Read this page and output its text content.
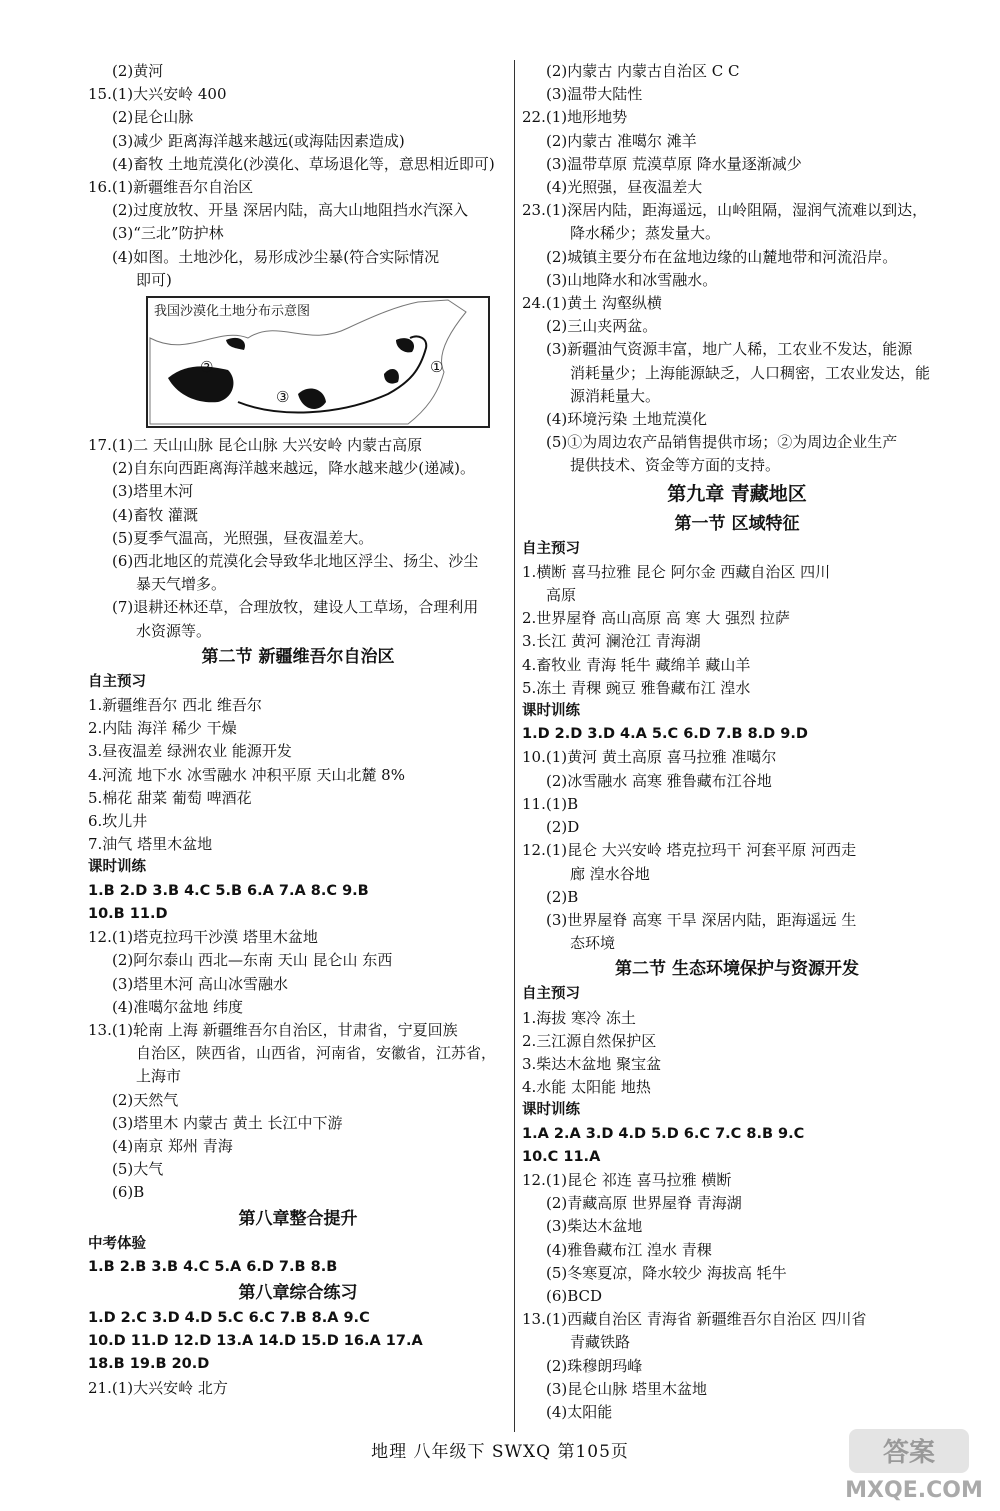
(2)黄河
15.(1)大兴安岭 400
(2)昆仑山脉
(3)减少 距离海洋越来越远(或海陆因素造成)
(4)畜牧 土地荒漠化(沙漠化、草场退化等，意思相近即可)
16.(1)新疆维吾尔自治区
(2)过度放牧、开垦 深居内陆，高大山地阻挡水汽深入
(3)“三北”防护林
(4)如图。土地沙化，易形成沙尘暴(符合实际情况
即可)
我国沙漠化土地分布示意图
①
②
③
17.(1)二 天山山脉 昆仑山脉 大兴安岭 内蒙古高原
(2)自东向西距离海洋越来越远，降水越来越少(递减)。
(3)塔里木河
(4)畜牧 灌溉
(5)夏季气温高，光照强，昼夜温差大。
(6)西北地区的荒漠化会导致华北地区浮尘、扬尘、沙尘
暴天气增多。
(7)退耕还林还草，合理放牧，建设人工草场，合理利用
水资源等。
第二节 新疆维吾尔自治区
自主预习
1.新疆维吾尔 西北 维吾尔
2.内陆 海洋 稀少 干燥
3.昼夜温差 绿洲农业 能源开发
4.河流 地下水 冰雪融水 冲积平原 天山北麓 8%
5.棉花 甜菜 葡萄 啤酒花
6.坎儿井
7.油气 塔里木盆地
课时训练
1.B 2.D 3.B 4.C 5.B 6.A 7.A 8.C 9.B
10.B 11.D
12.(1)塔克拉玛干沙漠 塔里木盆地
(2)阿尔泰山 西北—东南 天山 昆仑山 东西
(3)塔里木河 高山冰雪融水
(4)准噶尔盆地 纬度
13.(1)轮南 上海 新疆维吾尔自治区，甘肃省，宁夏回族
自治区，陕西省，山西省，河南省，安徽省，江苏省，
上海市
(2)天然气
(3)塔里木 内蒙古 黄土 长江中下游
(4)南京 郑州 青海
(5)大气
(6)B
第八章整合提升
中考体验
1.B 2.B 3.B 4.C 5.A 6.D 7.B 8.B
第八章综合练习
1.D 2.C 3.D 4.D 5.C 6.C 7.B 8.A 9.C
10.D 11.D 12.D 13.A 14.D 15.D 16.A 17.A
18.B 19.B 20.D
21.(1)大兴安岭 北方
(2)内蒙古 内蒙古自治区 C C
(3)温带大陆性
22.(1)地形地势
(2)内蒙古 准噶尔 滩羊
(3)温带草原 荒漠草原 降水量逐渐减少
(4)光照强，昼夜温差大
23.(1)深居内陆，距海遥远，山岭阻隔，湿润气流难以到达，
降水稀少；蒸发量大。
(2)城镇主要分布在盆地边缘的山麓地带和河流沿岸。
(3)山地降水和冰雪融水。
24.(1)黄土 沟壑纵横
(2)三山夹两盆。
(3)新疆油气资源丰富，地广人稀，工农业不发达，能源
消耗量少；上海能源缺乏，人口稠密，工农业发达，能
源消耗量大。
(4)环境污染 土地荒漠化
(5)①为周边农产品销售提供市场；②为周边企业生产
提供技术、资金等方面的支持。
第九章 青藏地区
第一节 区域特征
自主预习
1.横断 喜马拉雅 昆仑 阿尔金 西藏自治区 四川
高原
2.世界屋脊 高山高原 高 寒 大 强烈 拉萨
3.长江 黄河 澜沧江 青海湖
4.畜牧业 青海 牦牛 藏绵羊 藏山羊
5.冻土 青稞 豌豆 雅鲁藏布江 湟水
课时训练
1.D 2.D 3.D 4.A 5.C 6.D 7.B 8.D 9.D
10.(1)黄河 黄土高原 喜马拉雅 准噶尔
(2)冰雪融水 高寒 雅鲁藏布江谷地
11.(1)B
(2)D
12.(1)昆仑 大兴安岭 塔克拉玛干 河套平原 河西走
廊 湟水谷地
(2)B
(3)世界屋脊 高寒 干旱 深居内陆，距海遥远 生
态环境
第二节 生态环境保护与资源开发
自主预习
1.海拔 寒冷 冻土
2.三江源自然保护区
3.柴达木盆地 聚宝盆
4.水能 太阳能 地热
课时训练
1.A 2.A 3.D 4.D 5.D 6.C 7.C 8.B 9.C
10.C 11.A
12.(1)昆仑 祁连 喜马拉雅 横断
(2)青藏高原 世界屋脊 青海湖
(3)柴达木盆地
(4)雅鲁藏布江 湟水 青稞
(5)冬寒夏凉，降水较少 海拔高 牦牛
(6)BCD
13.(1)西藏自治区 青海省 新疆维吾尔自治区 四川省
青藏铁路
(2)珠穆朗玛峰
(3)昆仑山脉 塔里木盆地
(4)太阳能
地理 八年级下 SWXQ 第105页	答案
MXQE.COM
